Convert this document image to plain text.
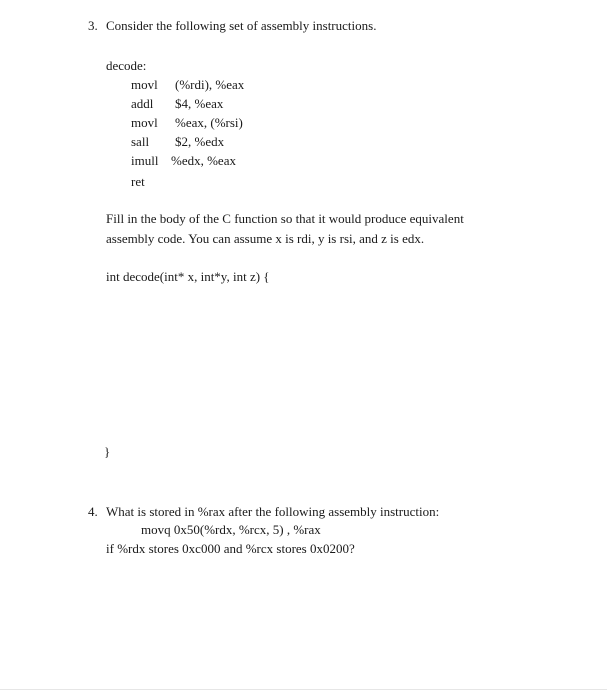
3. Consider the following set of assembly instructions.
decode:
movl (%rdi), %eax
addl $4, %eax
movl %eax, (%rsi)
sall $2, %edx
imull %edx, %eax
ret
Fill in the body of the C function so that it would produce equivalent
assembly code. You can assume x is rdi, y is rsi, and z is edx.
int decode(int* x, int*y, int z) {
}
4. What is stored in %rax after the following assembly instruction:
movq 0x50(%rdx, %rcx, 5) , %rax
if %rdx stores 0xc000 and %rcx stores 0x0200?
